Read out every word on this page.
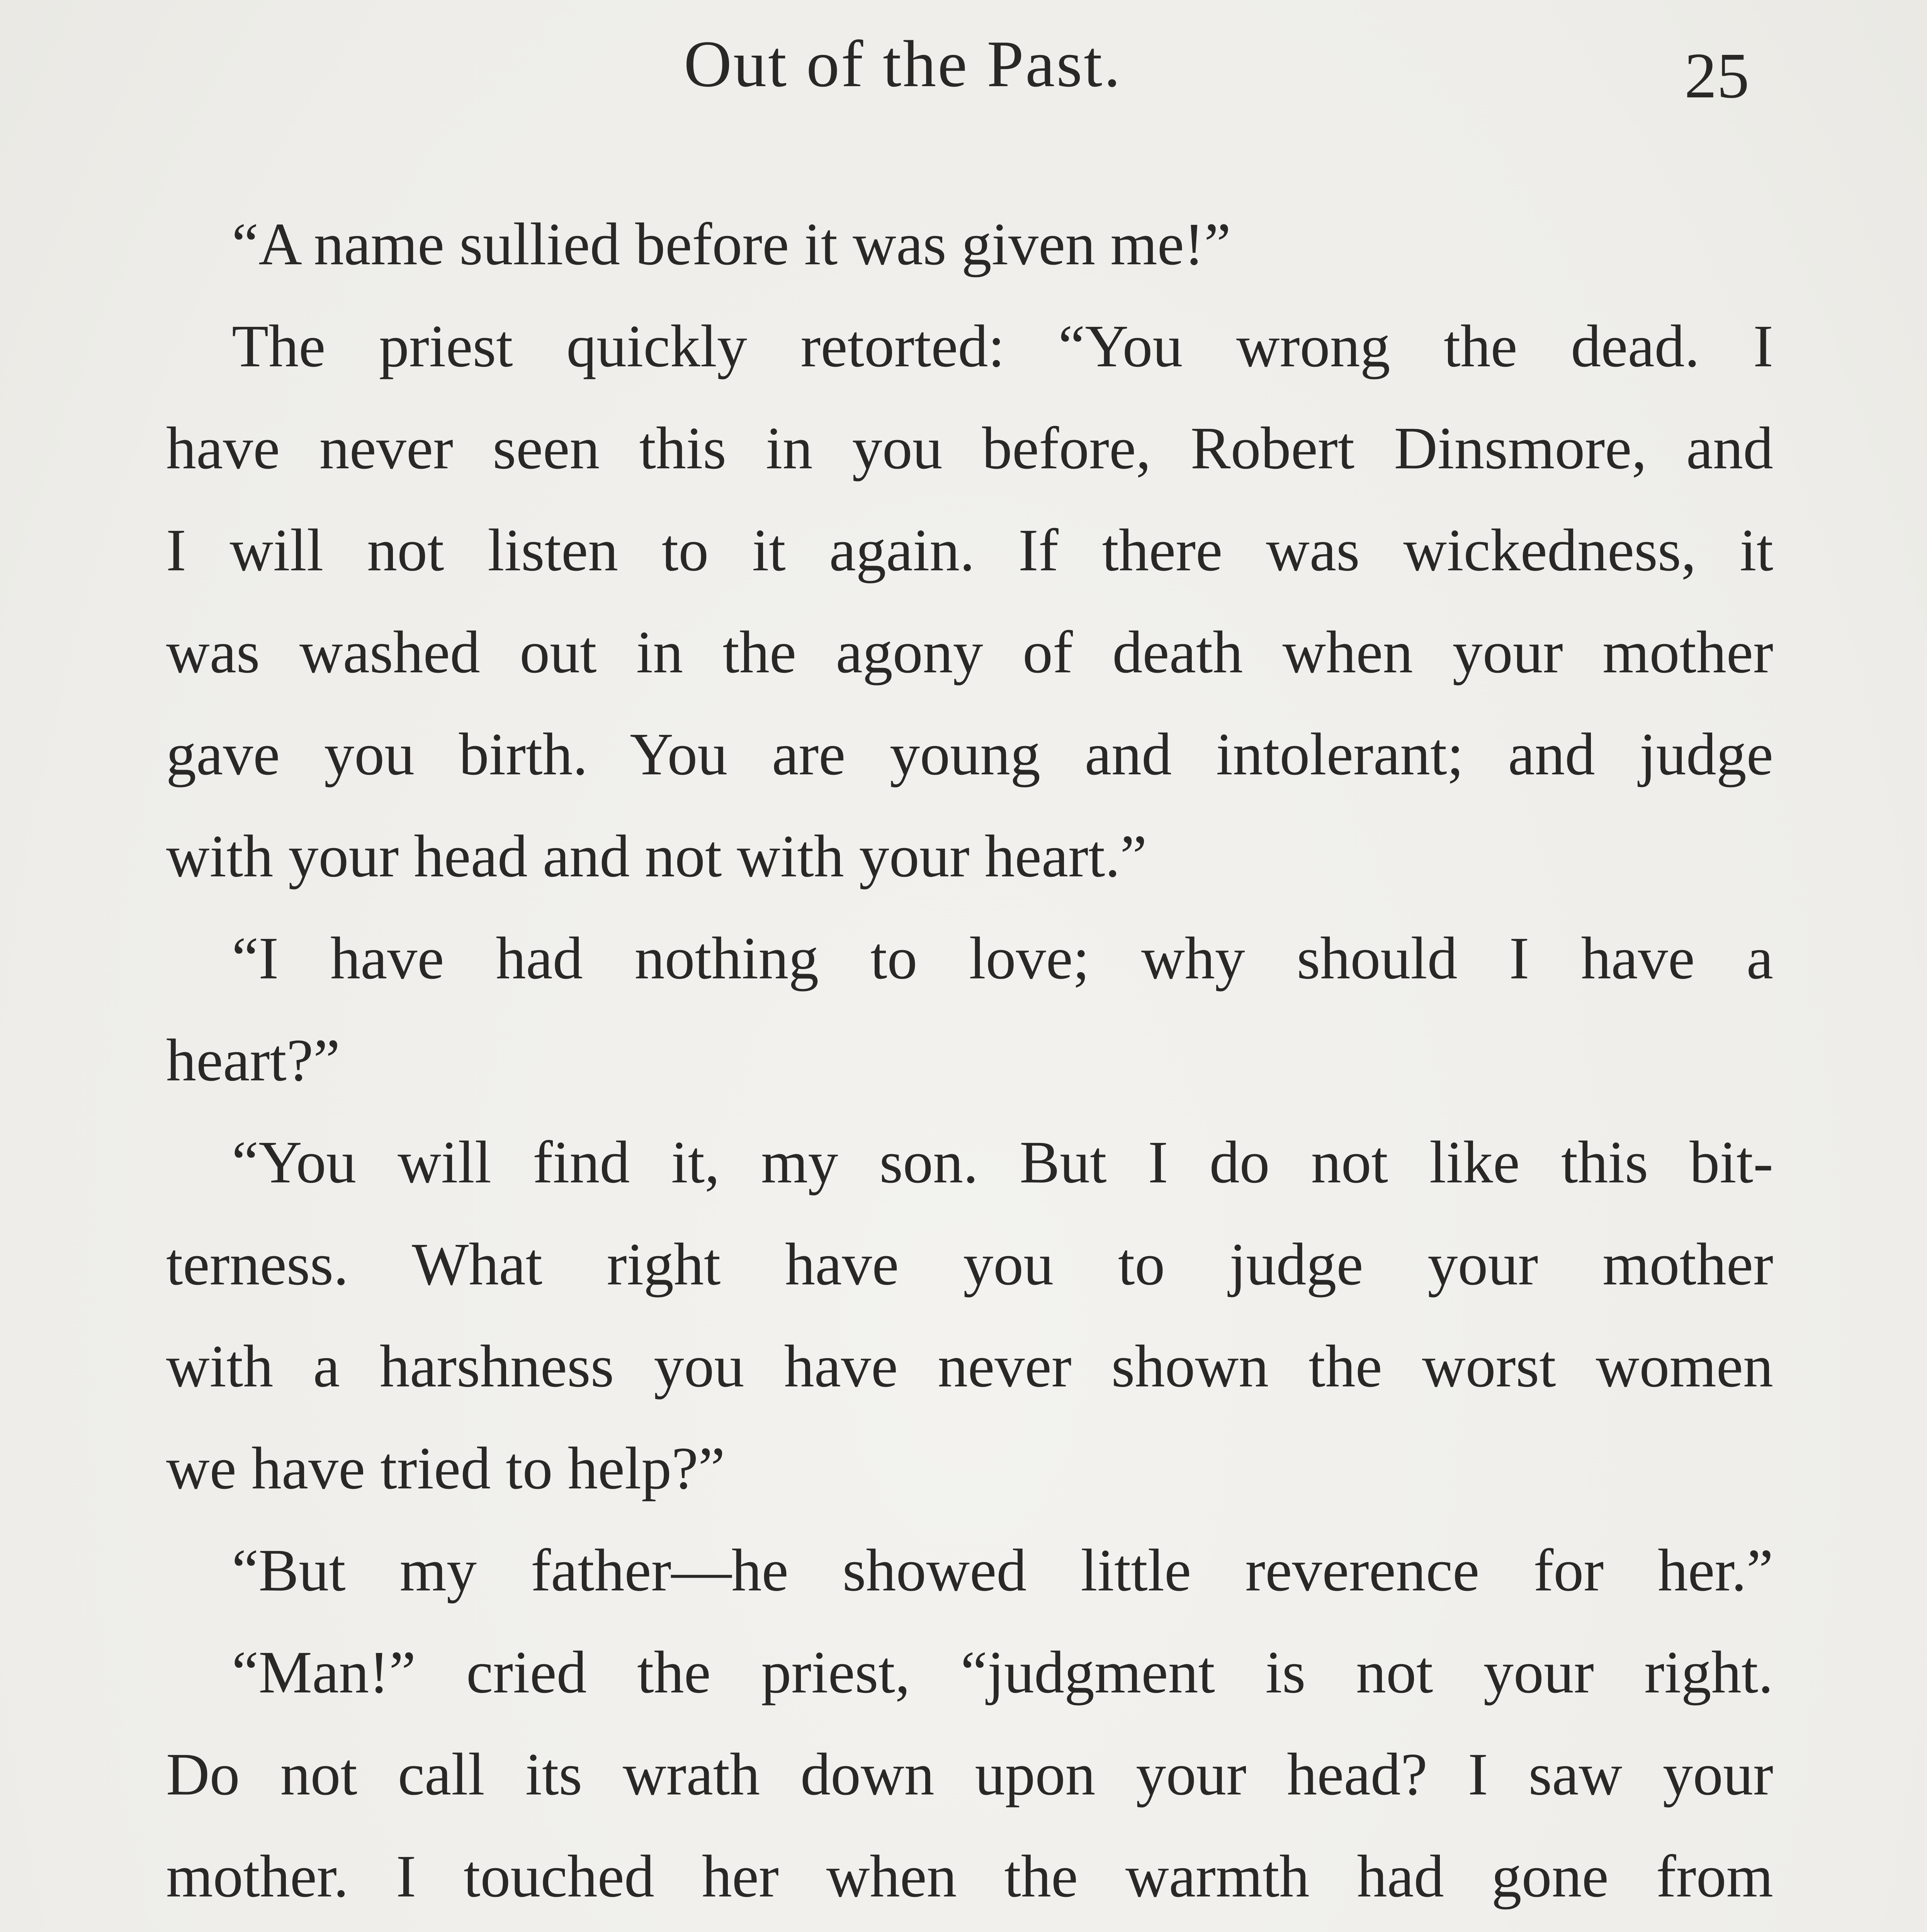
Out of the Past.	25
“A name sullied before it was given me!”
The priest quickly retorted: “You wrong the dead. I
have never seen this in you before, Robert Dinsmore, and
I will not listen to it again. If there was wickedness, it
was washed out in the agony of death when your mother
gave you birth. You are young and intolerant; and judge
with your head and not with your heart.”
“I have had nothing to love; why should I have a
heart?”
“You will find it, my son. But I do not like this bit-
terness. What right have you to judge your mother
with a harshness you have never shown the worst women
we have tried to help?”
“But my father—he showed little reverence for her.”
“Man!” cried the priest, “judgment is not your right.
Do not call its wrath down upon your head? I saw your
mother. I touched her when the warmth had gone from
